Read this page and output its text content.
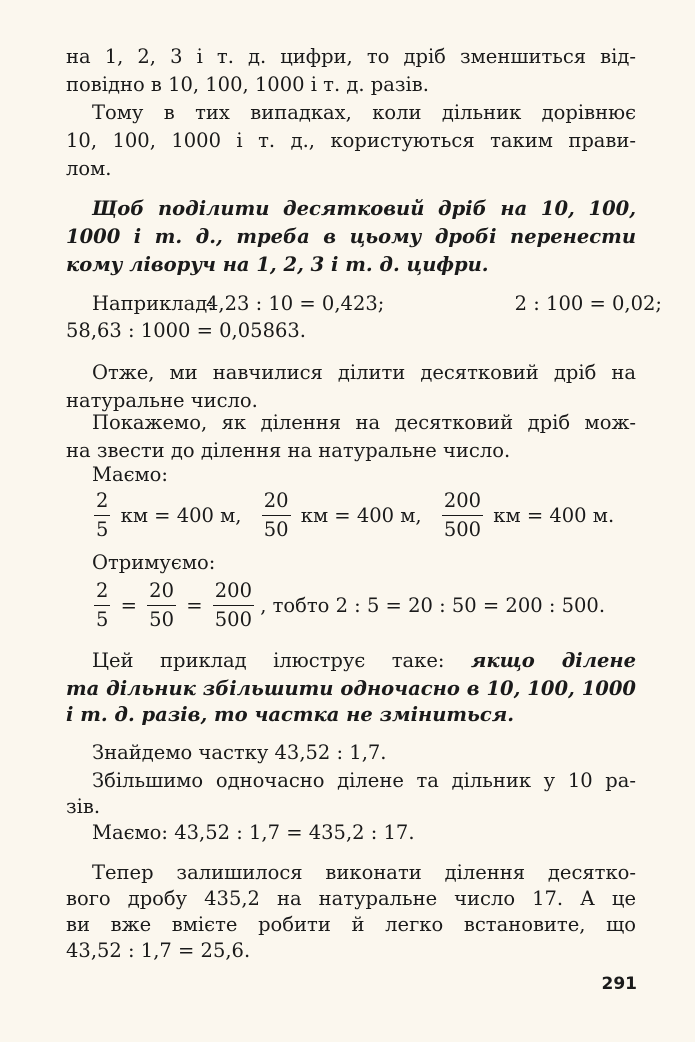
на 1, 2, 3 і т. д. цифри, то дріб зменшиться від-
повідно в 10, 100, 1000 і т. д. разів.
Тому в тих випадках, коли дільник дорівнює
10, 100, 1000 і т. д., користуються таким прави-
лом.
Щоб поділити десятковий дріб на 10, 100,
1000 і т. д., треба в цьому дробі перенести
кому ліворуч на 1, 2, 3 і т. д. цифри.
Наприклад:
4,23 : 10 = 0,423;	2 : 100 = 0,02;
58,63 : 1000 = 0,05863.
Отже, ми навчилися ділити десятковий дріб на
натуральне число.
Покажемо, як ділення на десятковий дріб мож-
на звести до ділення на натуральне число.
Маємо:
$\frac{2}{5}$ км = 400 м, $\frac{20}{50}$ км = 400 м, $\frac{200}{500}$ км = 400 м.
Отримуємо:
$\frac{2}{5} = \frac{20}{50} = \frac{200}{500}$ , тобто 2 : 5 = 20 : 50 = 200 : 500.
Цей приклад ілюструє таке: якщо ділене
та дільник збільшити одночасно в 10, 100, 1000
і т. д. разів, то частка не зміниться.
Знайдемо частку 43,52 : 1,7.
Збільшимо одночасно ділене та дільник у 10 ра-
зів.
Маємо: 43,52 : 1,7 = 435,2 : 17.
Тепер залишилося виконати ділення десятко-
вого дробу 435,2 на натуральне число 17. А це
ви вже вмієте робити й легко встановите, що
43,52 : 1,7 = 25,6.
291
